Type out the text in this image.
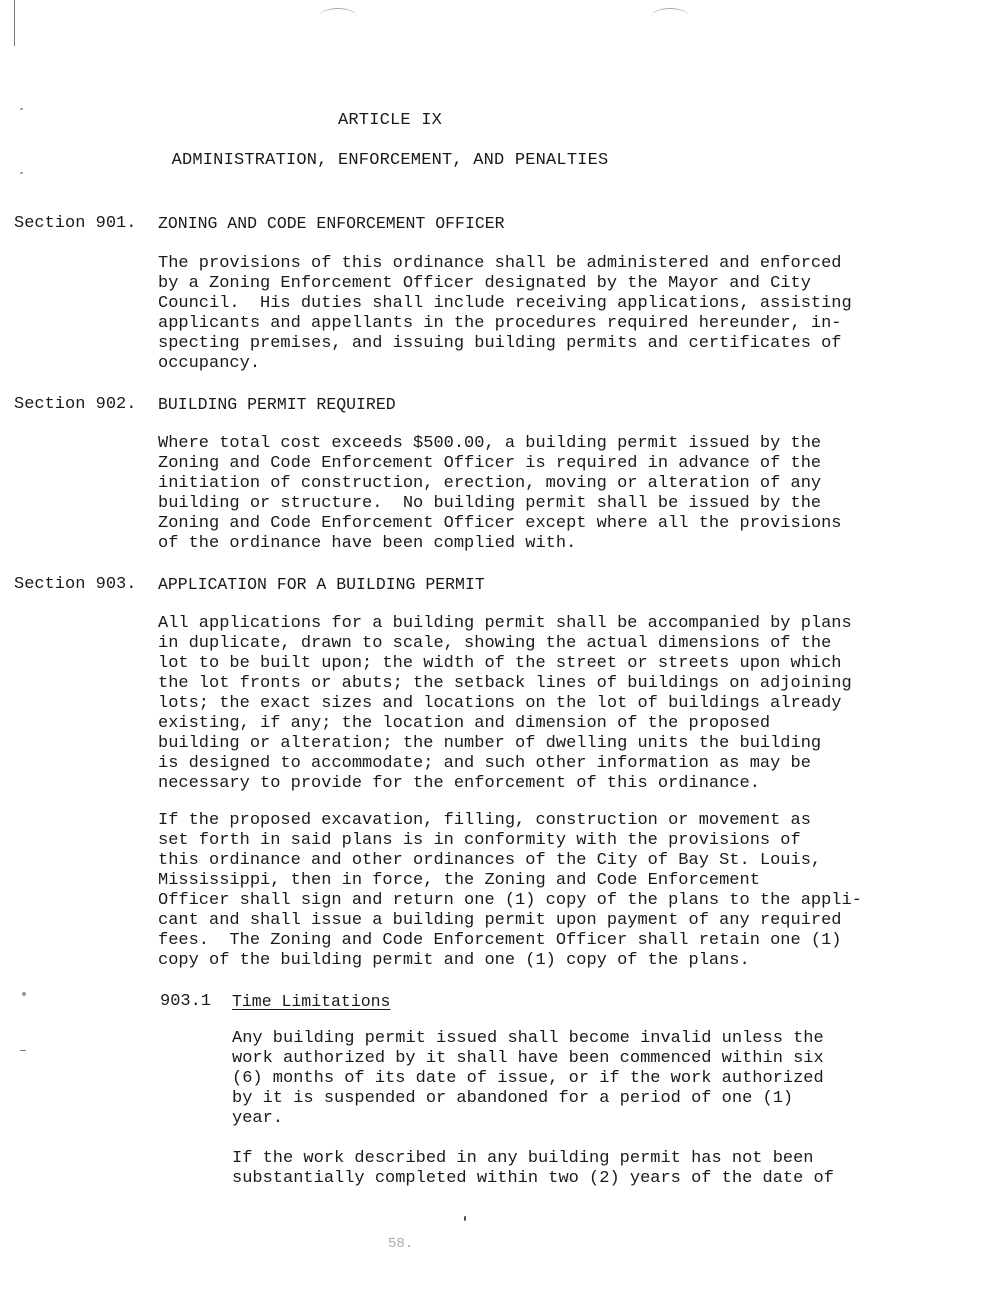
ARTICLE IX
ADMINISTRATION, ENFORCEMENT, AND PENALTIES
Section 901. ZONING AND CODE ENFORCEMENT OFFICER

The provisions of this ordinance shall be administered and enforced
by a Zoning Enforcement Officer designated by the Mayor and City
Council.  His duties shall include receiving applications, assisting
applicants and appellants in the procedures required hereunder, in-
specting premises, and issuing building permits and certificates of
occupancy.

Section 902. BUILDING PERMIT REQUIRED

Where total cost exceeds $500.00, a building permit issued by the
Zoning and Code Enforcement Officer is required in advance of the
initiation of construction, erection, moving or alteration of any
building or structure.  No building permit shall be issued by the
Zoning and Code Enforcement Officer except where all the provisions
of the ordinance have been complied with.

Section 903. APPLICATION FOR A BUILDING PERMIT

All applications for a building permit shall be accompanied by plans
in duplicate, drawn to scale, showing the actual dimensions of the
lot to be built upon; the width of the street or streets upon which
the lot fronts or abuts; the setback lines of buildings on adjoining
lots; the exact sizes and locations on the lot of buildings already
existing, if any; the location and dimension of the proposed
building or alteration; the number of dwelling units the building
is designed to accommodate; and such other information as may be
necessary to provide for the enforcement of this ordinance.

If the proposed excavation, filling, construction or movement as
set forth in said plans is in conformity with the provisions of
this ordinance and other ordinances of the City of Bay St. Louis,
Mississippi, then in force, the Zoning and Code Enforcement
Officer shall sign and return one (1) copy of the plans to the appli-
cant and shall issue a building permit upon payment of any required
fees.  The Zoning and Code Enforcement Officer shall retain one (1)
copy of the building permit and one (1) copy of the plans.

903.1 Time Limitations

Any building permit issued shall become invalid unless the
work authorized by it shall have been commenced within six
(6) months of its date of issue, or if the work authorized
by it is suspended or abandoned for a period of one (1)
year.

If the work described in any building permit has not been
substantially completed within two (2) years of the date of

58.
